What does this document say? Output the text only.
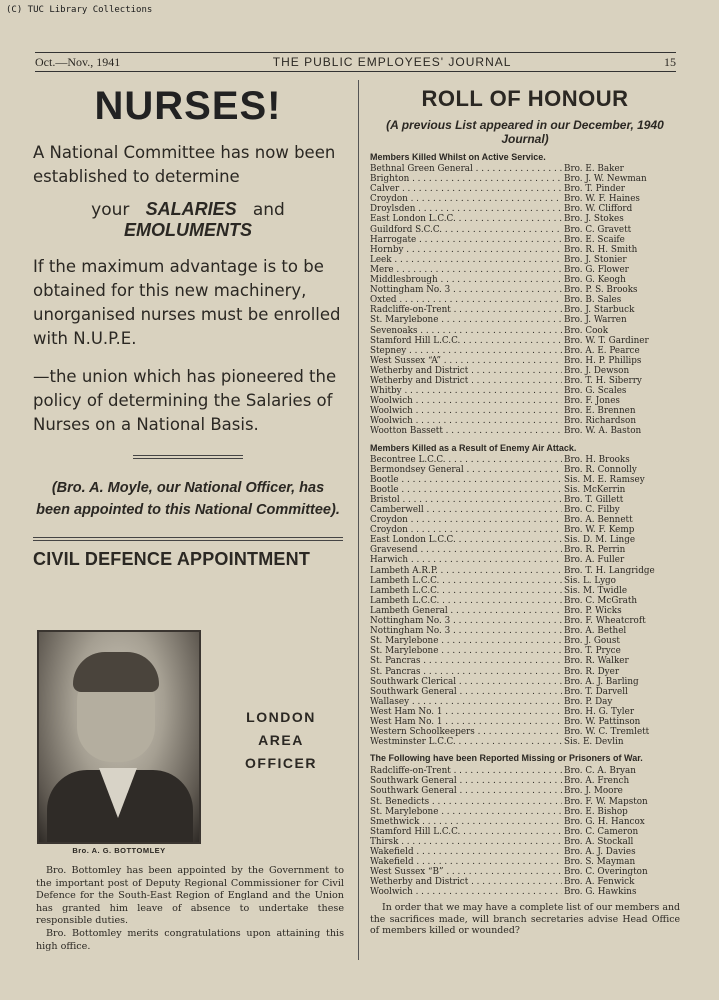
(C) TUC Library Collections
Oct.—Nov., 1941	THE PUBLIC EMPLOYEES' JOURNAL	15
NURSES!
A National Committee has now been established to determine
your SALARIES and
EMOLUMENTS
If the maximum advantage is to be obtained for this new machinery, unorganised nurses must be enrolled with N.U.P.E.
—the union which has pioneered the policy of determining the Salaries of Nurses on a National Basis.
(Bro. A. Moyle, our National Officer, has been appointed to this National Committee).
CIVIL DEFENCE APPOINTMENT
Bro. A. G. BOTTOMLEY
LONDON
AREA
OFFICER
Bro. Bottomley has been appointed by the Government to the important post of Deputy Regional Commissioner for Civil Defence for the South-East Region of England and the Union has granted him leave of absence to undertake these responsible duties.
Bro. Bottomley merits congratulations upon attaining this high office.
ROLL OF HONOUR
(A previous List appeared in our December, 1940 Journal)
Members Killed Whilst on Active Service.
Bethnal Green General . . .	Bro. E. Baker
Brighton . . .	Bro. J. W. Newman
Calver . . .	Bro. T. Pinder
Croydon . . .	Bro. W. F. Haines
Droylsden . . .	Bro. W. Clifford
East London L.C.C. . . .	Bro. J. Stokes
Guildford S.C.C. . . .	Bro. C. Gravett
Harrogate . . .	Bro. E. Scaife
Hornby . . .	Bro. R. H. Smith
Leek . . .	Bro. J. Stonier
Mere . . .	Bro. G. Flower
Middlesbrough . . .	Bro. G. Keogh
Nottingham No. 3 . . .	Bro. P. S. Brooks
Oxted . . .	Bro. B. Sales
Radcliffe-on-Trent . . .	Bro. J. Starbuck
St. Marylebone . . .	Bro. J. Warren
Sevenoaks . . .	Bro. Cook
Stamford Hill L.C.C. . . .	Bro. W. T. Gardiner
Stepney . . .	Bro. A. E. Pearce
West Sussex “A” . . .	Bro. H. P. Phillips
Wetherby and District . . .	Bro. J. Dewson
Wetherby and District . . .	Bro. T. H. Siberry
Whitby . . .	Bro. G. Scales
Woolwich . . .	Bro. F. Jones
Woolwich . . .	Bro. E. Brennen
Woolwich . . .	Bro. Richardson
Wootton Bassett . . .	Bro. W. A. Baston
Members Killed as a Result of Enemy Air Attack.
Becontree L.C.C. . . .	Bro. H. Brooks
Bermondsey General . . .	Bro. R. Connolly
Bootle . . .	Sis. M. E. Ramsey
Bootle . . .	Sis. McKerrin
Bristol . . .	Bro. T. Gillett
Camberwell . . .	Bro. C. Filby
Croydon . . .	Bro. A. Bennett
Croydon . . .	Bro. W. F. Kemp
East London L.C.C. . . .	Sis. D. M. Linge
Gravesend . . .	Bro. R. Perrin
Harwich . . .	Bro. A. Fuller
Lambeth A.R.P. . . .	Bro. T. H. Langridge
Lambeth L.C.C. . . .	Sis. L. Lygo
Lambeth L.C.C. . . .	Sis. M. Twidle
Lambeth L.C.C. . . .	Bro. C. McGrath
Lambeth General . . .	Bro. P. Wicks
Nottingham No. 3 . . .	Bro. F. Wheatcroft
Nottingham No. 3 . . .	Bro. A. Bethel
St. Marylebone . . .	Bro. J. Goust
St. Marylebone . . .	Bro. T. Pryce
St. Pancras . . .	Bro. R. Walker
St. Pancras . . .	Bro. R. Dyer
Southwark Clerical . . .	Bro. A. J. Barling
Southwark General . . .	Bro. T. Darvell
Wallasey . . .	Bro. P. Day
West Ham No. 1 . . .	Bro. H. G. Tyler
West Ham No. 1 . . .	Bro. W. Pattinson
Western Schoolkeepers . . .	Bro. W. C. Tremlett
Westminster L.C.C. . . .	Sis. E. Devlin
The Following have been Reported Missing or Prisoners of War.
Radcliffe-on-Trent . . .	Bro. C. A. Bryan
Southwark General . . .	Bro. A. French
Southwark General . . .	Bro. J. Moore
St. Benedicts . . .	Bro. F. W. Mapston
St. Marylebone . . .	Bro. E. Bishop
Smethwick . . .	Bro. G. H. Hancox
Stamford Hill L.C.C. . . .	Bro. C. Cameron
Thirsk . . .	Bro. A. Stockall
Wakefield . . .	Bro. A. J. Davies
Wakefield . . .	Bro. S. Mayman
West Sussex “B” . . .	Bro. C. Overington
Wetherby and District . . .	Bro. A. Fenwick
Woolwich . . .	Bro. G. Hawkins
In order that we may have a complete list of our members and the sacrifices made, will branch secretaries advise Head Office of members killed or wounded?
